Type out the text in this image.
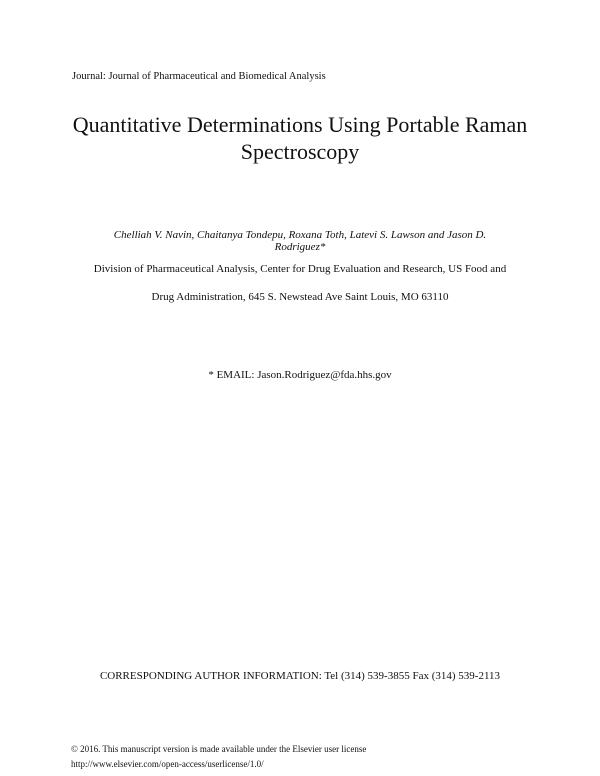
Journal: Journal of Pharmaceutical and Biomedical Analysis
Quantitative Determinations Using Portable Raman
Spectroscopy
Chelliah V. Navin, Chaitanya Tondepu, Roxana Toth, Latevi S. Lawson and Jason D. Rodriguez*
Division of Pharmaceutical Analysis, Center for Drug Evaluation and Research, US Food and
Drug Administration, 645 S. Newstead Ave Saint Louis, MO 63110
* EMAIL: Jason.Rodriguez@fda.hhs.gov
CORRESPONDING AUTHOR INFORMATION: Tel (314) 539-3855 Fax (314) 539-2113
© 2016. This manuscript version is made available under the Elsevier user license
http://www.elsevier.com/open-access/userlicense/1.0/
